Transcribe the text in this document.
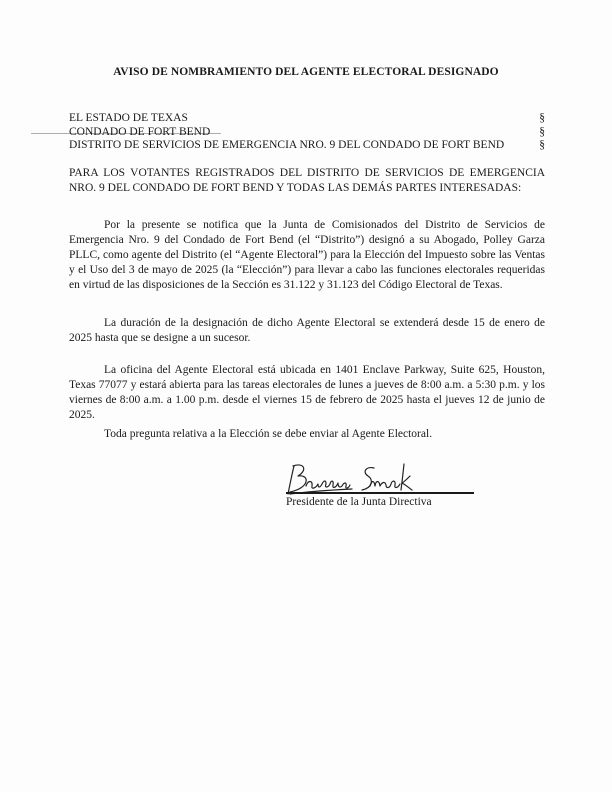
AVISO DE NOMBRAMIENTO DEL AGENTE ELECTORAL DESIGNADO
EL ESTADO DE TEXAS	§
CONDADO DE FORT BEND	§
DISTRITO DE SERVICIOS DE EMERGENCIA NRO. 9 DEL CONDADO DE FORT BEND	§
PARA LOS VOTANTES REGISTRADOS DEL DISTRITO DE SERVICIOS DE EMERGENCIA NRO. 9 DEL CONDADO DE FORT BEND Y TODAS LAS DEMÁS PARTES INTERESADAS:
Por la presente se notifica que la Junta de Comisionados del Distrito de Servicios de Emergencia Nro. 9 del Condado de Fort Bend (el “Distrito”) designó a su Abogado, Polley Garza PLLC, como agente del Distrito (el “Agente Electoral”) para la Elección del Impuesto sobre las Ventas y el Uso del 3 de mayo de 2025 (la “Elección”) para llevar a cabo las funciones electorales requeridas en virtud de las disposiciones de la Sección es 31.122 y 31.123 del Código Electoral de Texas.
La duración de la designación de dicho Agente Electoral se extenderá desde 15 de enero de 2025 hasta que se designe a un sucesor.
La oficina del Agente Electoral está ubicada en 1401 Enclave Parkway, Suite 625, Houston, Texas 77077 y estará abierta para las tareas electorales de lunes a jueves de 8:00 a.m. a 5:30 p.m. y los viernes de 8:00 a.m. a 1.00 p.m. desde el viernes 15 de febrero de 2025 hasta el jueves 12 de junio de 2025.
Toda pregunta relativa a la Elección se debe enviar al Agente Electoral.
Presidente de la Junta Directiva
